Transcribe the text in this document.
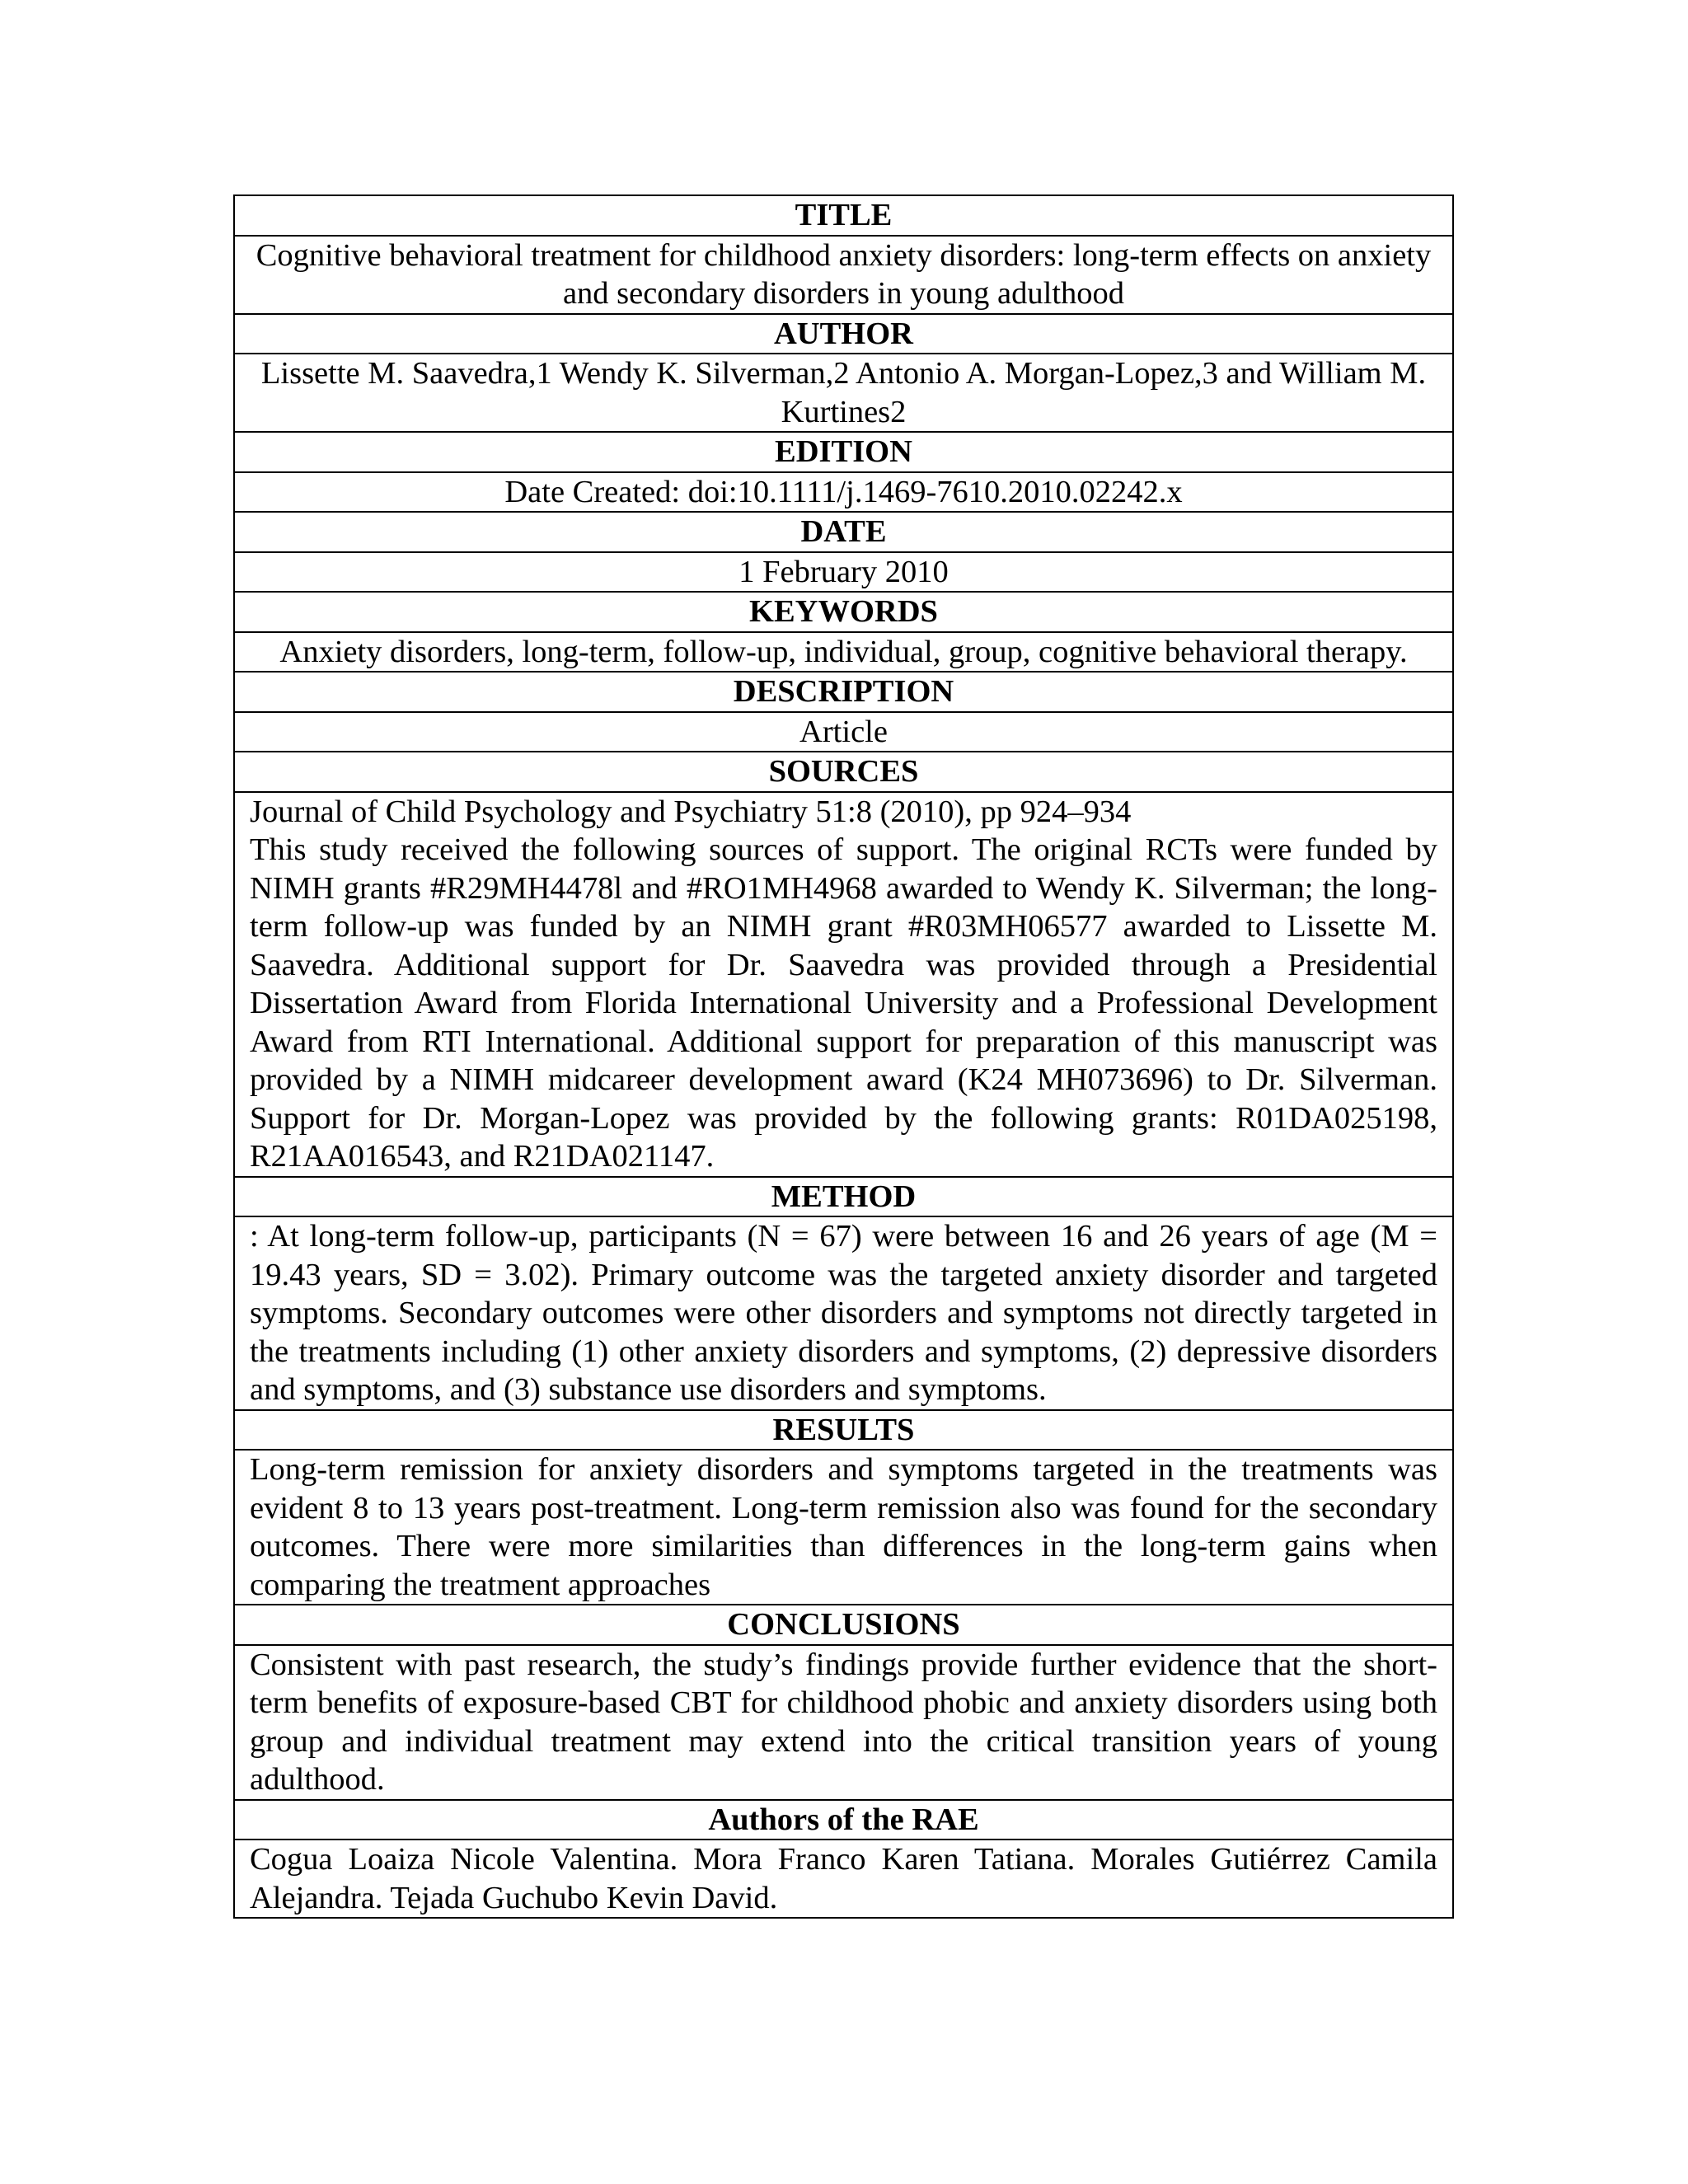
TITLE
Cognitive behavioral treatment for childhood anxiety disorders: long-term effects on anxiety and secondary disorders in young adulthood
AUTHOR
Lissette M. Saavedra,1 Wendy K. Silverman,2 Antonio A. Morgan-Lopez,3 and William M. Kurtines2
EDITION
Date Created: doi:10.1111/j.1469-7610.2010.02242.x
DATE
1 February 2010
KEYWORDS
Anxiety disorders, long-term, follow-up, individual, group, cognitive behavioral therapy.
DESCRIPTION
Article
SOURCES

Journal of Child Psychology and Psychiatry 51:8 (2010), pp 924–934
This study received the following sources of support. The original RCTs were funded by NIMH grants #R29MH4478l and #RO1MH4968 awarded to Wendy K. Silverman; the long-term follow-up was funded by an NIMH grant #R03MH06577 awarded to Lissette M. Saavedra. Additional support for Dr. Saavedra was provided through a Presidential Dissertation Award from Florida International University and a Professional Development Award from RTI International. Additional support for preparation of this manuscript was provided by a NIMH midcareer development award (K24 MH073696) to Dr. Silverman. Support for Dr. Morgan-Lopez was provided by the following grants: R01DA025198, R21AA016543, and R21DA021147.

METHOD
: At long-term follow-up, participants (N = 67) were between 16 and 26 years of age (M = 19.43 years, SD = 3.02). Primary outcome was the targeted anxiety disorder and targeted symptoms. Secondary outcomes were other disorders and symptoms not directly targeted in the treatments including (1) other anxiety disorders and symptoms, (2) depressive disorders and symptoms, and (3) substance use disorders and symptoms.
RESULTS
Long-term remission for anxiety disorders and symptoms targeted in the treatments was evident 8 to 13 years post-treatment. Long-term remission also was found for the secondary outcomes. There were more similarities than differences in the long-term gains when comparing the treatment approaches
CONCLUSIONS
Consistent with past research, the study’s findings provide further evidence that the short-term benefits of exposure-based CBT for childhood phobic and anxiety disorders using both group and individual treatment may extend into the critical transition years of young adulthood.
Authors of the RAE
Cogua Loaiza Nicole Valentina. Mora Franco Karen Tatiana. Morales Gutiérrez Camila Alejandra. Tejada Guchubo Kevin David.
